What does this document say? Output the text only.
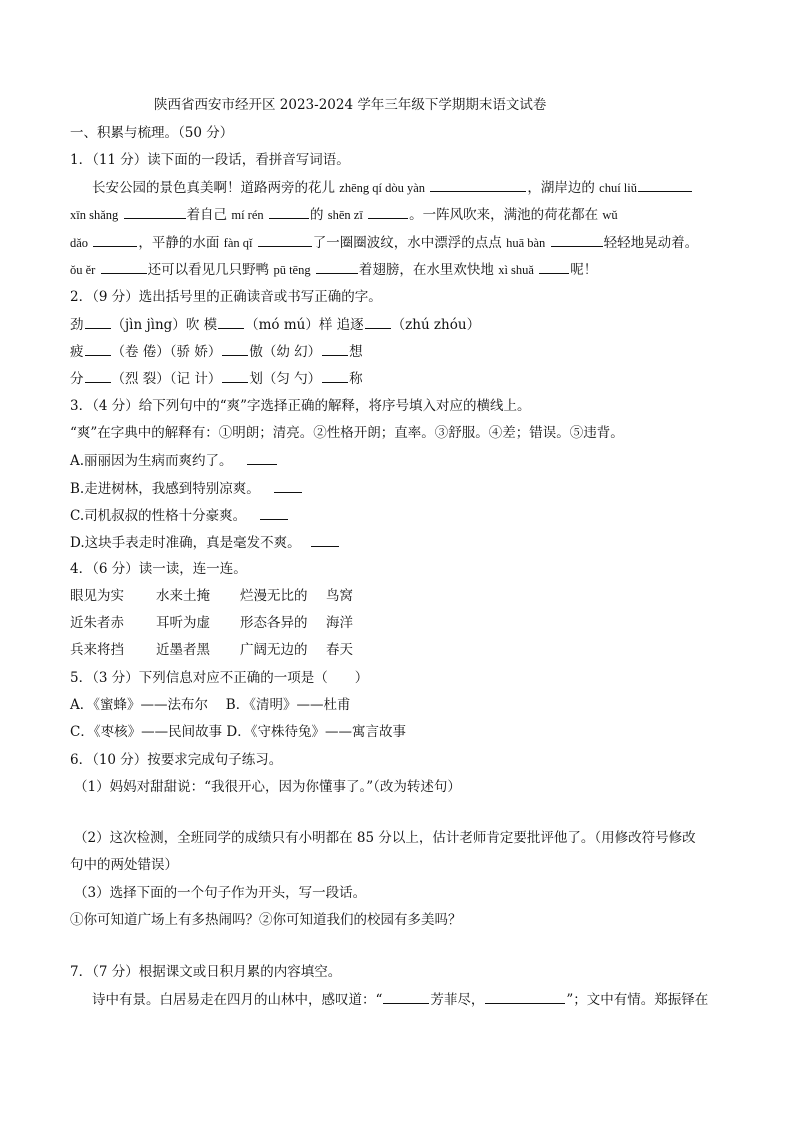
陕西省西安市经开区 2023-2024 学年三年级下学期期末语文试卷
一、积累与梳理。（50 分）
1．（11 分）读下面的一段话，看拼音写词语。
长安公园的景色真美啊！道路两旁的花儿 zhēng qí dòu yàn	，湖岸边的 chuí liǔ
xīn shǎng	着自己 mí rén	的 shēn zī	。一阵风吹来，满池的荷花都在 wǔ
dǎo	，平静的水面 fàn qǐ	了一圈圈波纹，水中漂浮的点点 huā bàn	轻轻地晃动着。
ǒu ěr	还可以看见几只野鸭 pū tēng	着翅膀，在水里欢快地 xì shuǎ	呢！
2．（9 分）选出括号里的正确读音或书写正确的字。
劲 （jìn jìng）吹 模 （mó mú）样 追逐 （zhú zhóu）
疲 （卷 倦）（骄 娇） 傲（幼 幻） 想
分 （烈 裂）（记 计） 划（匀 勺） 称
3．（4 分）给下列句中的“爽”字选择正确的解释，将序号填入对应的横线上。
“爽”在字典中的解释有：①明朗；清亮。②性格开朗；直率。③舒服。④差；错误。⑤违背。
A.丽丽因为生病而爽约了。
B.走进树林，我感到特别凉爽。
C.司机叔叔的性格十分豪爽。
D.这块手表走时准确，真是毫发不爽。
4．（6 分）读一读，连一连。
眼见为实 水来土掩 烂漫无比的 鸟窝
近朱者赤 耳听为虚 形态各异的 海洋
兵来将挡 近墨者黑 广阔无边的 春天
5．（3 分）下列信息对应不正确的一项是（　　）
A．《蜜蜂》——法布尔　 B．《清明》——杜甫
C．《枣核》——民间故事 D．《守株待兔》——寓言故事
6．（10 分）按要求完成句子练习。
（1）妈妈对甜甜说：“我很开心，因为你懂事了。”（改为转述句）
（2）这次检测，全班同学的成绩只有小明都在 85 分以上，估计老师肯定要批评他了。（用修改符号修改
句中的两处错误）
（3）选择下面的一个句子作为开头，写一段话。
①你可知道广场上有多热闹吗？②你可知道我们的校园有多美吗？
7．（7 分）根据课文或日积月累的内容填空。
诗中有景。白居易走在四月的山林中，感叹道：“	芳菲尽，	”；文中有情。郑振铎在
